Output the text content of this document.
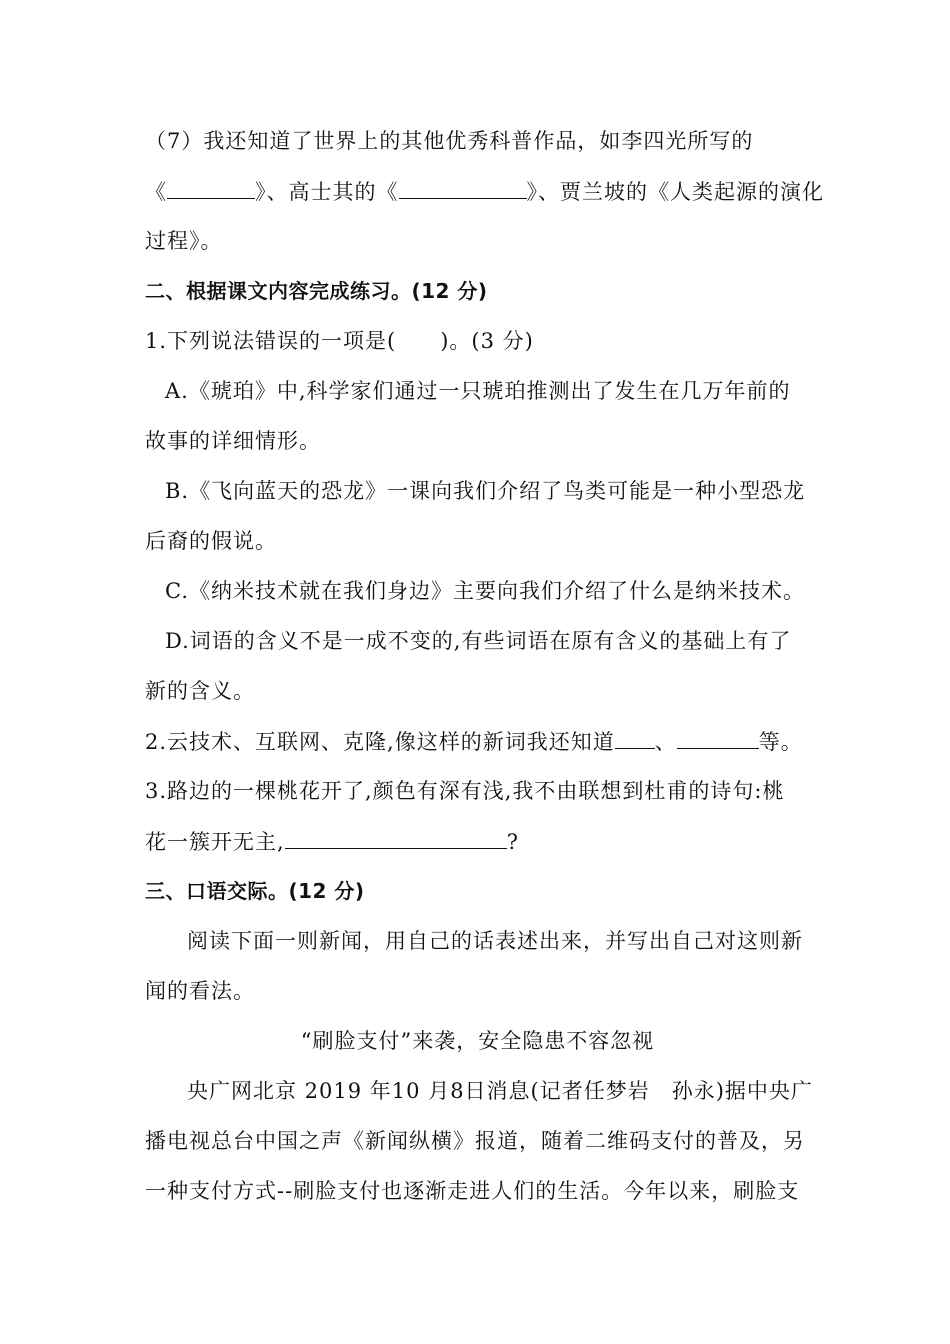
（7）我还知道了世界上的其他优秀科普作品，如李四光所写的
《	》、高士其的《	》、贾兰坡的《人类起源的演化
过程》。
二、根据课文内容完成练习。(12 分)
1.下列说法错误的一项是(　　)。(3 分)
A.《琥珀》中,科学家们通过一只琥珀推测出了发生在几万年前的
故事的详细情形。
B.《飞向蓝天的恐龙》一课向我们介绍了鸟类可能是一种小型恐龙
后裔的假说。
C.《纳米技术就在我们身边》主要向我们介绍了什么是纳米技术。
D.词语的含义不是一成不变的,有些词语在原有含义的基础上有了
新的含义。
2.云技术、互联网、克隆,像这样的新词我还知道 、	等。
3.路边的一棵桃花开了,颜色有深有浅,我不由联想到杜甫的诗句:桃
花一簇开无主,	?
三、口语交际。(12 分)
阅读下面一则新闻，用自己的话表述出来，并写出自己对这则新
闻的看法。
“刷脸支付”来袭，安全隐患不容忽视
央广网北京 2019 年10 月8日消息(记者任梦岩　孙永)据中央广
播电视总台中国之声《新闻纵横》报道，随着二维码支付的普及，另
一种支付方式--刷脸支付也逐渐走进人们的生活。今年以来，刷脸支
